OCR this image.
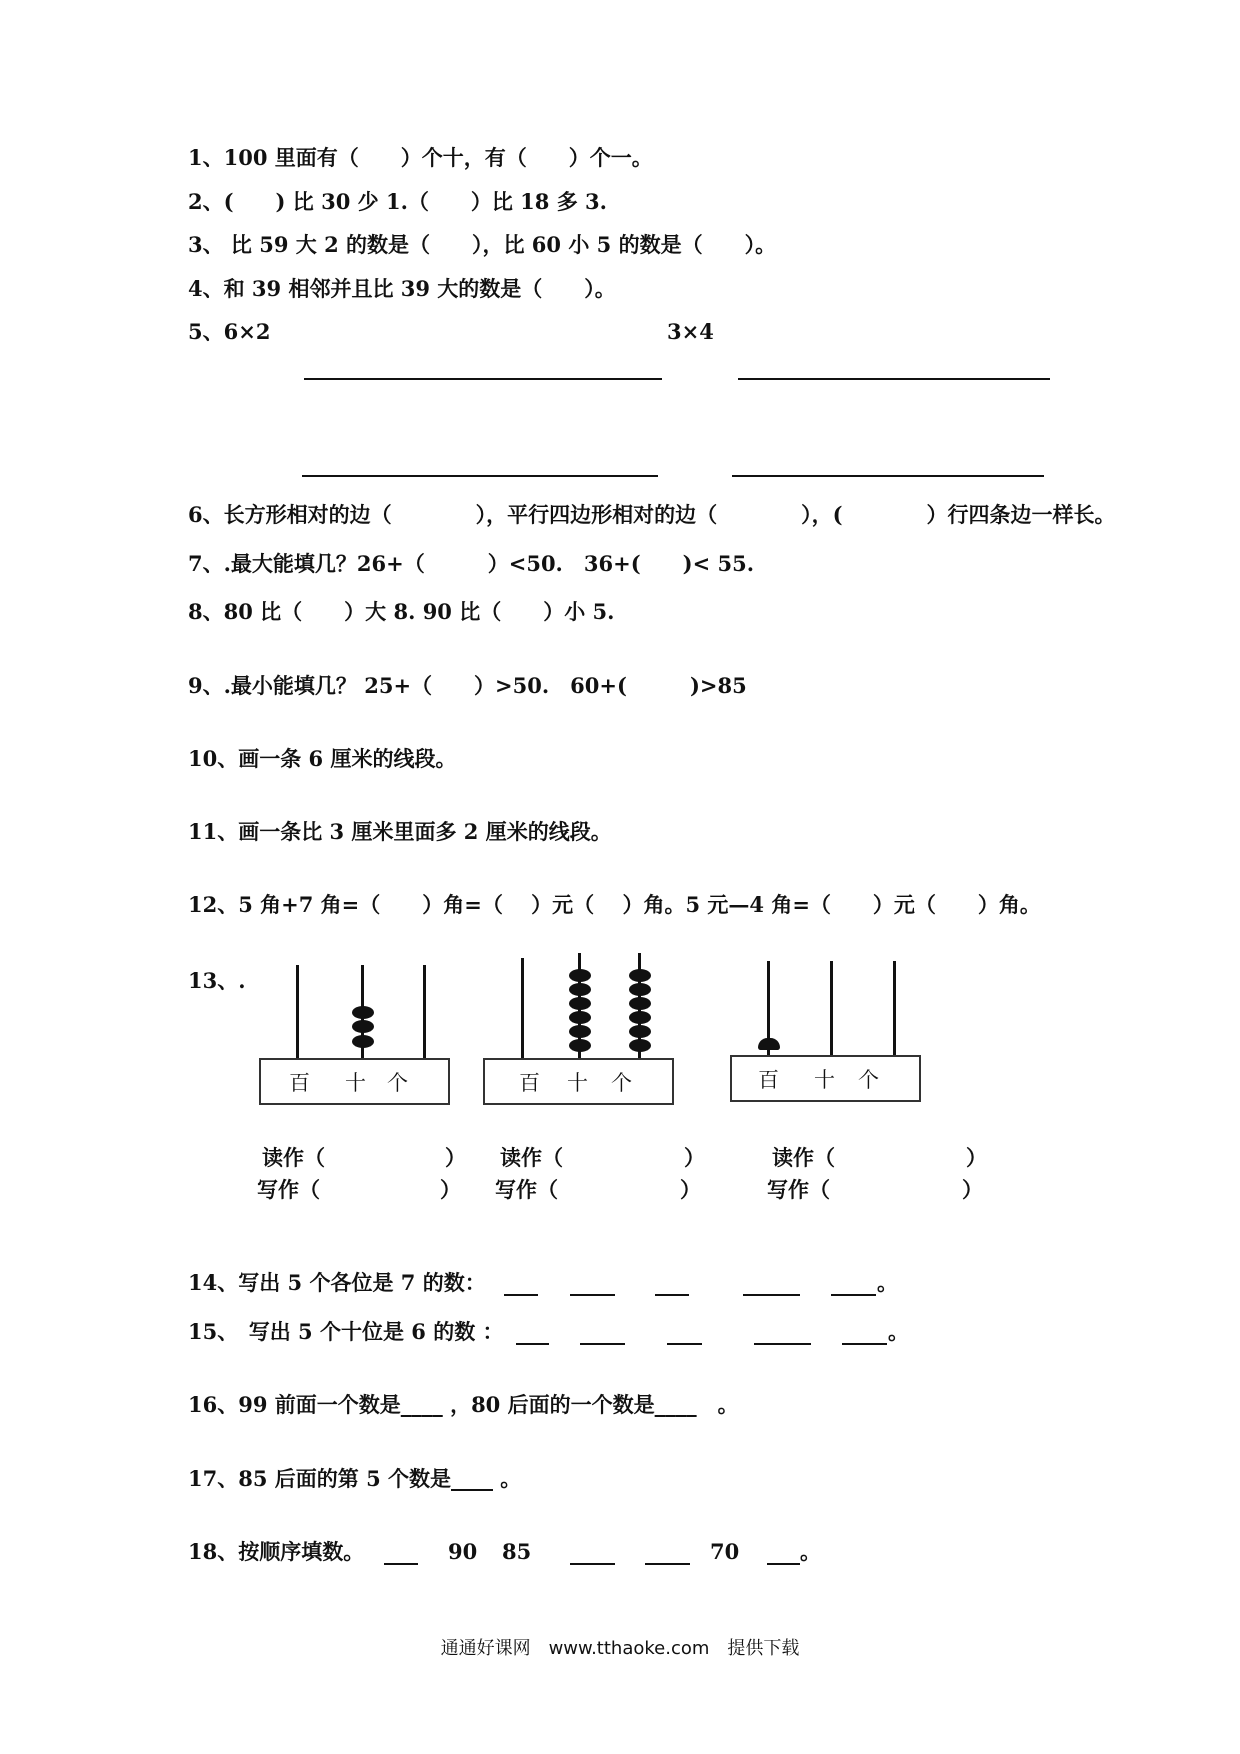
1、100 里面有（　　）个十，有（　　）个一。
2、(　　) 比 30 少 1.（　　）比 18 多 3.
3、 比 59 大 2 的数是（　　），比 60 小 5 的数是（　　）。
4、和 39 相邻并且比 39 大的数是（　　）。
5、6×2	3×4
6、长方形相对的边（　　　　），平行四边形相对的边（　　　　），(　　　　）行四条边一样长。
7、.最大能填几？26+（　　　）<50.　36+(　　)< 55.
8、80 比（　　）大 8. 90 比（　　）小 5.
9、.最小能填几？ 25+（　　）>50.　60+(　　　)>85
10、画一条 6 厘米的线段。
11、画一条比 3 厘米里面多 2 厘米的线段。
12、5 角+7 角=（　　）角=（　 ）元（　 ）角。5 元—4 角=（　　）元（　　）角。
13、.
百 十 个	百 十 个	百 十 个
读作（	） 读作（	）	读作（	）
写作（	） 写作（	）	写作（	）
14、写出 5 个各位是 7 的数：	。
15、　写出 5 个十位是 6 的数 ：	。
16、99 前面一个数是____ ，80 后面的一个数是____　。
17、85 后面的第 5 个数是____ 。
18、按顺序填数。	90 85	70	。
通通好课网　www.tthaoke.com　提供下载
